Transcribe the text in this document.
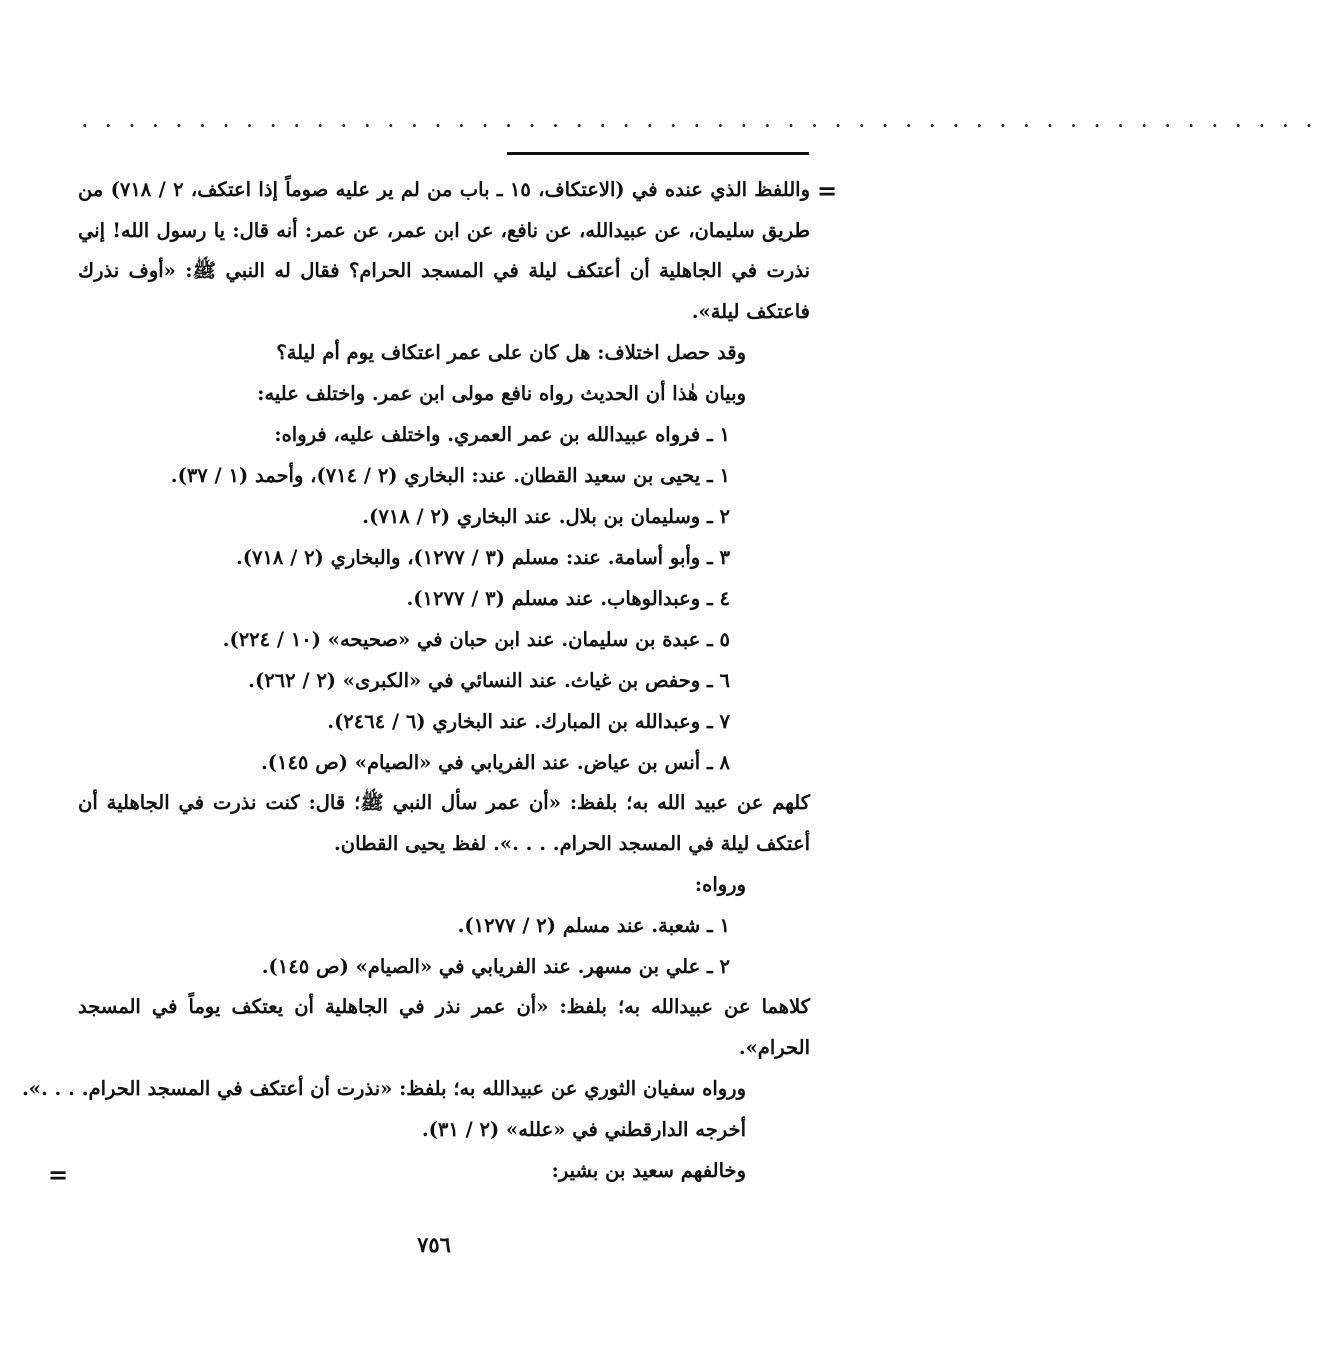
. . . . . . . . . . . . . . . . . . . . . . . . . . . . . . . . . . . . . . . . . . . . . . . . . . . . .
=
=
واللفظ الذي عنده في (الاعتكاف، ١٥ ـ باب من لم ير عليه صوماً إذا اعتكف، ٢ / ٧١٨) من طريق سليمان، عن عبيدالله، عن نافع، عن ابن عمر، عن عمر: أنه قال: يا رسول الله! إني نذرت في الجاهلية أن أعتكف ليلة في المسجد الحرام؟ فقال له النبي ﷺ: «أوف نذرك فاعتكف ليلة».
وقد حصل اختلاف: هل كان على عمر اعتكاف يوم أم ليلة؟
وبيان هٰذا أن الحديث رواه نافع مولى ابن عمر. واختلف عليه:
١ ـ فرواه عبيدالله بن عمر العمري. واختلف عليه، فرواه:
١ ـ يحيى بن سعيد القطان. عند: البخاري (٢ / ٧١٤)، وأحمد (١ / ٣٧).
٢ ـ وسليمان بن بلال. عند البخاري (٢ / ٧١٨).
٣ ـ وأبو أسامة. عند: مسلم (٣ / ١٢٧٧)، والبخاري (٢ / ٧١٨).
٤ ـ وعبدالوهاب. عند مسلم (٣ / ١٢٧٧).
٥ ـ عبدة بن سليمان. عند ابن حبان في «صحيحه» (١٠ / ٢٢٤).
٦ ـ وحفص بن غياث. عند النسائي في «الكبرى» (٢ / ٢٦٢).
٧ ـ وعبدالله بن المبارك. عند البخاري (٦ / ٢٤٦٤).
٨ ـ أنس بن عياض. عند الفريابي في «الصيام» (ص ١٤٥).
كلهم عن عبيد الله به؛ بلفظ: «أن عمر سأل النبي ﷺ؛ قال: كنت نذرت في الجاهلية أن أعتكف ليلة في المسجد الحرام. . . .». لفظ يحيى القطان.
ورواه:
١ ـ شعبة. عند مسلم (٢ / ١٢٧٧).
٢ ـ علي بن مسهر. عند الفريابي في «الصيام» (ص ١٤٥).
كلاهما عن عبيدالله به؛ بلفظ: «أن عمر نذر في الجاهلية أن يعتكف يوماً في المسجد الحرام».
ورواه سفيان الثوري عن عبيدالله به؛ بلفظ: «نذرت أن أعتكف في المسجد الحرام. . . .».
أخرجه الدارقطني في «علله» (٢ / ٣١).
وخالفهم سعيد بن بشير:
٧٥٦
